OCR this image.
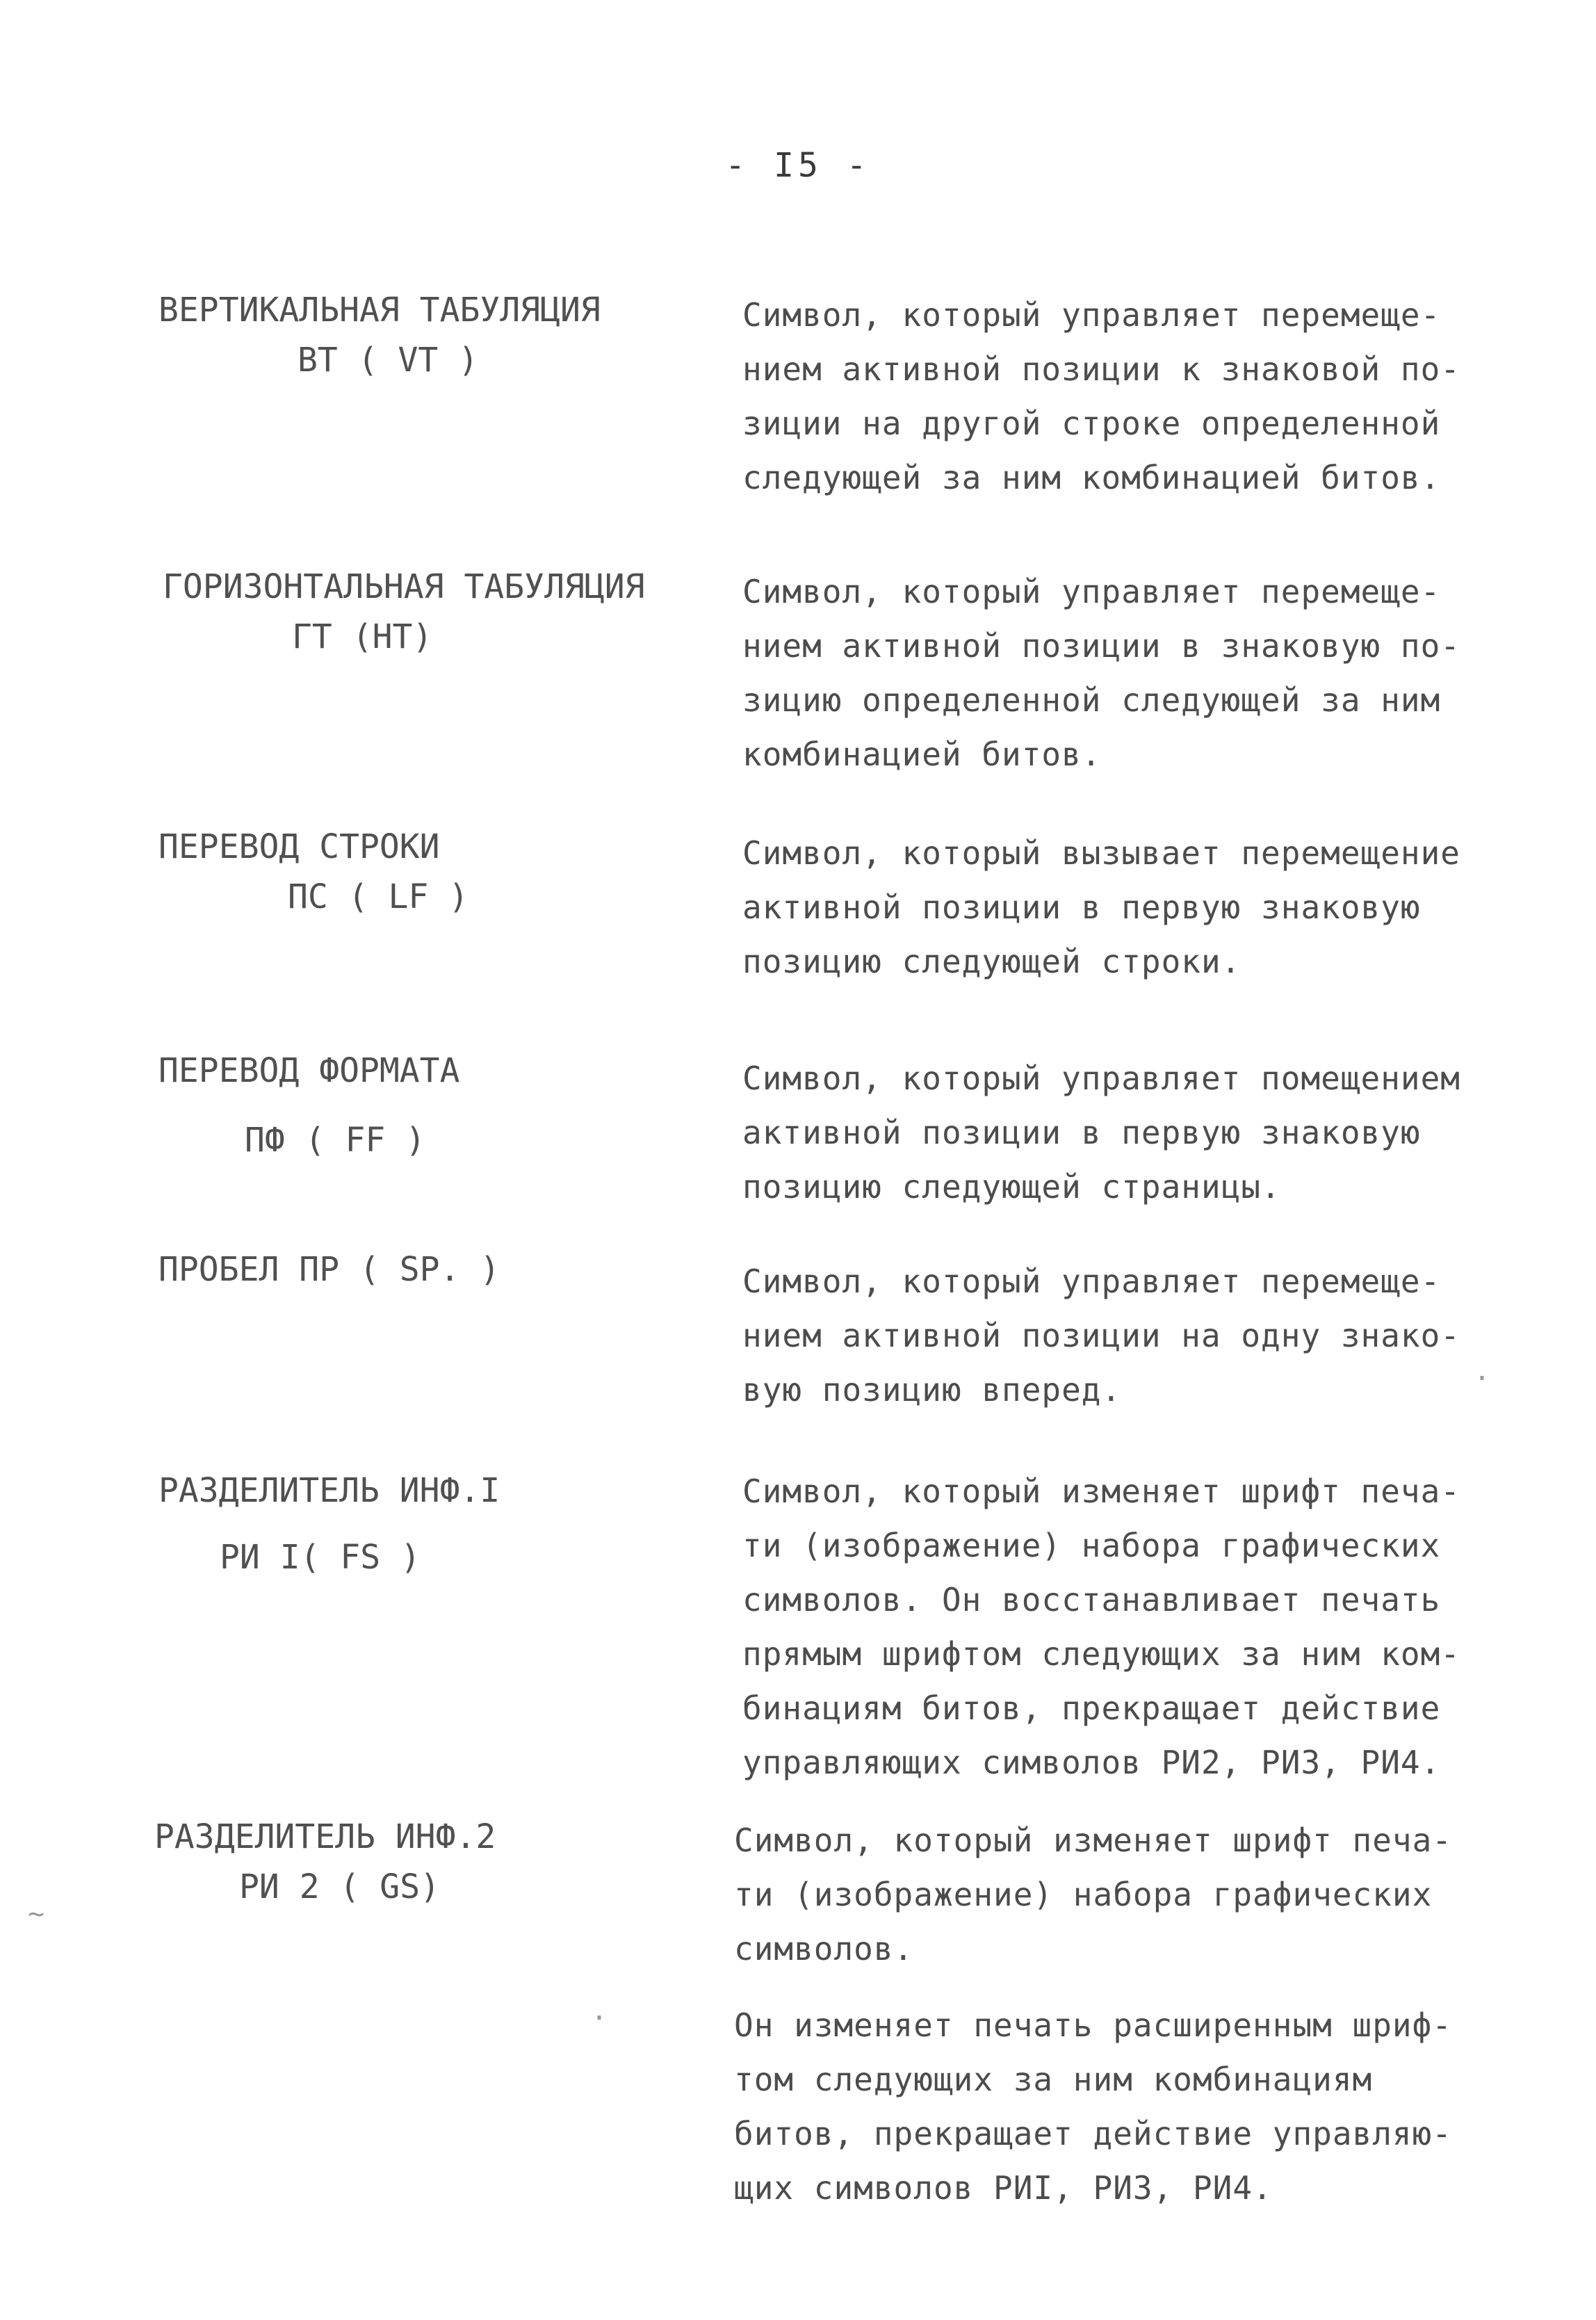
- I5 -
ВЕРТИКАЛЬНАЯ ТАБУЛЯЦИЯ
ВТ ( VT )
Символ, который управляет перемеще-
нием активной позиции к знаковой по-
зиции на другой строке определенной
следующей за ним комбинацией битов.
ГОРИЗОНТАЛЬНАЯ ТАБУЛЯЦИЯ
ГТ (НТ)
Символ, который управляет перемеще-
нием активной позиции в знаковую по-
зицию определенной следующей за ним
комбинацией битов.
ПЕРЕВОД СТРОКИ
ПС ( LF )
Символ, который вызывает перемещение
активной позиции в первую знаковую
позицию следующей строки.
ПЕРЕВОД ФОРМАТА
ПФ ( FF )
Символ, который управляет помещением
активной позиции в первую знаковую
позицию следующей страницы.
ПРОБЕЛ ПР ( SP. )	Символ, который управляет перемеще-
нием активной позиции на одну знако-
вую позицию вперед.
РАЗДЕЛИТЕЛЬ ИНФ.I
РИ I( FS )
Символ, который изменяет шрифт печа-
ти (изображение) набора графических
символов. Он восстанавливает печать
прямым шрифтом следующих за ним ком-
бинациям битов, прекращает действие
управляющих символов РИ2, РИ3, РИ4.
РАЗДЕЛИТЕЛЬ ИНФ.2
РИ 2 ( GS)
Символ, который изменяет шрифт печа-
ти (изображение) набора графических
символов.
Он изменяет печать расширенным шриф-
том следующих за ним комбинациям
битов, прекращает действие управляю-
щих символов РИI, РИ3, РИ4.
~
·
·
